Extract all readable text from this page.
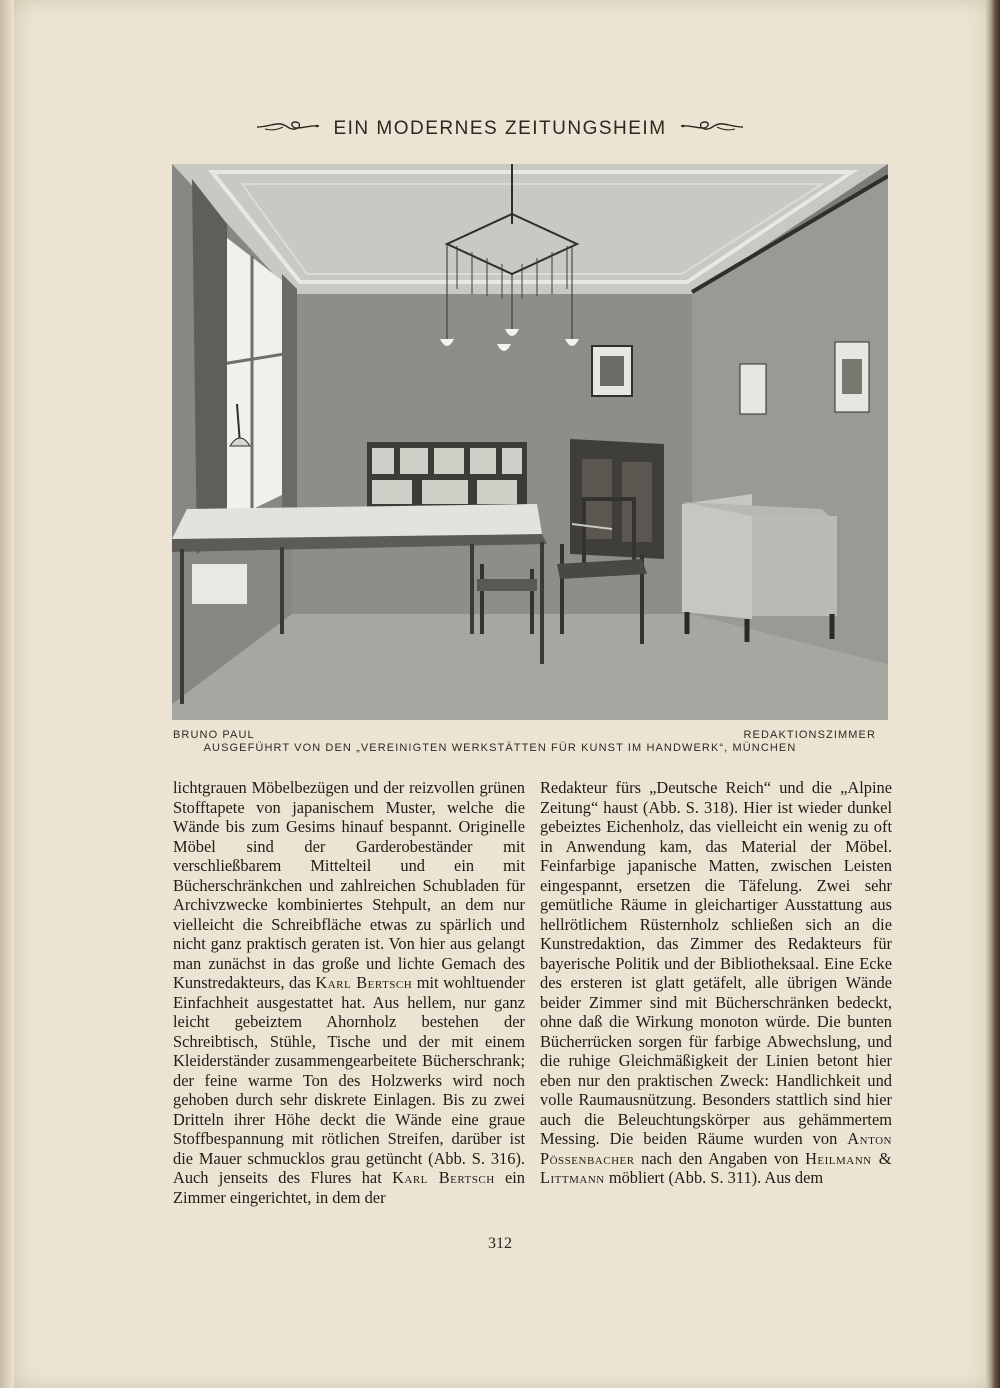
EIN MODERNES ZEITUNGSHEIM
BRUNO PAUL	REDAKTIONSZIMMER
AUSGEFÜHRT VON DEN „VEREINIGTEN WERKSTÄTTEN FÜR KUNST IM HANDWERK“, MÜNCHEN
lichtgrauen Möbelbezügen und der reizvollen grünen Stofftapete von japanischem Muster, welche die Wände bis zum Gesims hinauf bespannt. Originelle Möbel sind der Garderobeständer mit verschließbarem Mittelteil und ein mit Bücherschränkchen und zahlreichen Schubladen für Archivzwecke kombiniertes Stehpult, an dem nur vielleicht die Schreibfläche etwas zu spärlich und nicht ganz praktisch geraten ist. Von hier aus gelangt man zunächst in das große und lichte Gemach des Kunstredakteurs, das Karl Bertsch mit wohltuender Einfachheit ausgestattet hat. Aus hellem, nur ganz leicht gebeiztem Ahornholz bestehen der Schreibtisch, Stühle, Tische und der mit einem Kleiderständer zusammengearbeitete Bücherschrank; der feine warme Ton des Holzwerks wird noch gehoben durch sehr diskrete Einlagen. Bis zu zwei Dritteln ihrer Höhe deckt die Wände eine graue Stoffbespannung mit rötlichen Streifen, darüber ist die Mauer schmucklos grau getüncht (Abb. S. 316). Auch jenseits des Flures hat Karl Bertsch ein Zimmer eingerichtet, in dem der
Redakteur fürs „Deutsche Reich“ und die „Alpine Zeitung“ haust (Abb. S. 318). Hier ist wieder dunkel gebeiztes Eichenholz, das vielleicht ein wenig zu oft in Anwendung kam, das Material der Möbel. Feinfarbige japanische Matten, zwischen Leisten eingespannt, ersetzen die Täfelung. Zwei sehr gemütliche Räume in gleichartiger Ausstattung aus hellrötlichem Rüsternholz schließen sich an die Kunstredaktion, das Zimmer des Redakteurs für bayerische Politik und der Bibliotheksaal. Eine Ecke des ersteren ist glatt getäfelt, alle übrigen Wände beider Zimmer sind mit Bücherschränken bedeckt, ohne daß die Wirkung monoton würde. Die bunten Bücherrücken sorgen für farbige Abwechslung, und die ruhige Gleichmäßigkeit der Linien betont hier eben nur den praktischen Zweck: Handlichkeit und volle Raumausnützung. Besonders stattlich sind hier auch die Beleuchtungskörper aus gehämmertem Messing. Die beiden Räume wurden von Anton Pössenbacher nach den Angaben von Heilmann & Littmann möbliert (Abb. S. 311). Aus dem
312
